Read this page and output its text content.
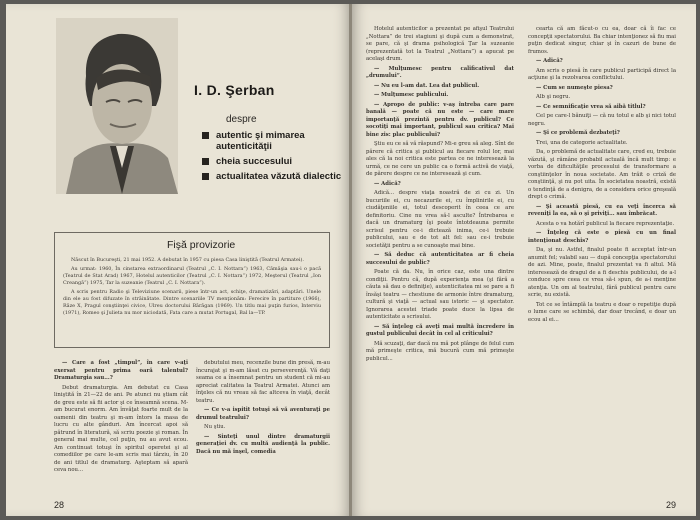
I. D. Şerban
despre
autentic şi mimarea autenticităţii
cheia succesului
actualitatea văzută dialectic
Fişă provizorie

Născut în Bucureşti, 21 mai 1952. A debutat în 1957 cu piesa Casa liniştită (Teatrul Armatei).

Au urmat: 1960, În cinstarea extraordinarul (Teatrul „C. I. Nottara”) 1963, Cămăşia sau-i o pacă (Teatrul de Stat Arad) 1967, Hotelul autenticilor (Teatrul „C. I. Nottara”) 1972, Meşterul (Teatrul „Ion Creangă”) 1975, Tar la suzeanie (Teatrul „C. I. Nottara”).

A scris pentru Radio şi Televiziune scenarii, piese într-un act, schiţe, dramatizări, adaptări. Unele din ele au fost difuzate în străinătate. Dintre scenariile TV menţionăm: Ferecire în partiture (1966), Răze X, Pragul conştiinţei civice, Ulreu doctorului Bărăgan (1969). Un titlu mai puţin furios, Interviu (1971), Romeo şi Julieta nu mor niciodată, Fata care a mutat Portugal, Bal la—TP.

— Care a fost „timpul”, în care v-aţi exersat pentru prima oară talentul? Dramaturgia sau...?

Debut dramaturgia. Am debutat cu Casa liniştită în 21—22 de ani. Pe atunci nu ştiam cât de greu este să fii actor şi ce înseamnă scena. M-am bucurat enorm. Am învăţat foarte mult de la oamenii din teatru şi m-am întors la masa de lucru cu alte gânduri. Am încercat apoi să pătrund în literatură, să scriu poezie şi roman. În general mai multe, cel puţin, nu au avut ecou. Am continuat totuşi în spiritul operetei şi al comediilor pe care le-am scris mai târziu, în 20 de ani titlul de dramaturg. Aşteptam să apară ceva nou...

debutului meu, recenzile bune din presă, m-au încurajat şi m-am lăsat cu perseverenţă. Vă daţi seama ce a însemnat pentru un student că mi-au apreciat calitatea la Teatrul Armatei. Atunci am înţeles că nu vreau să fac altceva în viaţă, decât teatru.

— Ce v-a ispitit totuşi să vă aventuraţi pe drumul teatrului?

Nu ştiu.

— Sinteţi unul dintre dramaturgii generaţiei dv. cu multă audienţă la public. Dacă nu mă înşel, comedia

28

Hotelul autenticilor a prezentat pe afişul Teatrului „Nottara” de trei stagiuni şi după cum a demonstrat, se pare, că şi drama psihologică Ţar la suzeanie (reprezentată tot la Teatrul „Nottara”) a apucat pe acelaşi drum.

— Mulţumesc pentru calificativul dat „drumului”.

— Nu eu l-am dat. Lea dat publicul.

— Mulţumesc publicului.

— Apropo de public: v-aş întreba care pare banală — poate că nu este — care mare importanţă prezintă pentru dv. publicul? Ce socotiţi mai important, publicul sau critica? Mai bine zis: plac publicului?

Ştiu eu ce să vă răspund? Mi-e greu să aleg. Sînt de părere că critica şi publicul au fiecare rolul lor, mai ales că la noi critica este partea ce ne interesează la urmă, ce ne cere un public ca o formă activă de viaţă, de părere despre ce ne interesează şi cum.

— Adică?

Adică... despre viaţa noastră de zi cu zi. Un bucuriile ei, cu necazurile ei, cu împlinirile ei, cu ciudăţeniile ei, totul descoperit în ceea ce are definitoriu. Cine nu vrea să-l asculte? Întrebarea e dacă un dramaturg îşi poate întotdeauna permite scrisul pentru ce-i dictează inima, ce-i trebuie publicului, sau e de tot alt fel: sau ce-i trebuie societăţii pentru a se cunoaşte mai bine.

— Să deduc că autenticitatea ar fi cheia succesului de public?

Poate că da. Nu, în orice caz, este una dintre condiţii. Pentru că, după experienţa mea (şi fără a căuta să dau o definiţie), autenticitatea mi se pare a fi însăşi teatru — chestiune de armonie între dramaturg, cultură şi viaţă — actual sau istoric — şi spectator. Ignorarea acestei triade poate duce la lipsa de autenticitate a scrisului.

— Să înţeleg că aveţi mai multă încredere în gustul publicului decât în cel al criticului?

Mă scuzaţi, dar dacă nu mă pot plânge de felul cum mă primeşte critica, mă bucură cum mă primeşte publicul...

cearta că am făcut-o cu ea, doar că îi fac ce concepţii spectatorului. Ba chiar intenţionez să fiu mai puţin dedicat singur, chiar şi în cazuri de bune de frumos.

— Adică?

Am scris o piesă în care publicul participă direct la acţiune şi la rezolvarea conflictului.

— Cum se numeşte piesa?

Alb şi negru.

— Ce semnificaţie vrea să aibă titlul?

Cel pe care-l bănuiţi — că nu totul e alb şi nici totul negru.

— Şi ce problemă dezbateţi?

Trei, una de categorie actualitate.

Da, o problemă de actualitate care, cred eu, trebuie văzută, şi rămâne probabil actuală încă mult timp: e vorba de dificultăţile procesului de transformare a conştiinţelor în noua societate. Am trăit o criză de conştiinţă, şi nu pot uita. În societatea noastră, există o tendinţă de a denigra, de a considera orice greşeală drept o crimă.

— Şi această piesă, cu ea veţi încerca să reveniţi la ea, să o şi priviţi... sau îmbrăcat.

Acesta o va hotărî publicul la fiecare reprezentaţie.

— Înţeleg că este o piesă cu un final intenţionat deschis?

Da, şi nu. Astfel, finalul poate fi acceptat într-un anumit fel; valabil sau — după concepţia spectatorului de azi. Mine, poate, finalul prezentat va fi altul. Mă interesează de dragul de a fi deschis publicului, de a-l conduce spre ceea ce vrea să-i spun, de a-i menţine atenţia. Un om al teatrului, fără publicul pentru care scrie, nu există.

Tot ce se întâmplă la teatru e doar o repetiţie după o lume care se schimbă, dar doar trecând, e doar un ecou al ei...

29
